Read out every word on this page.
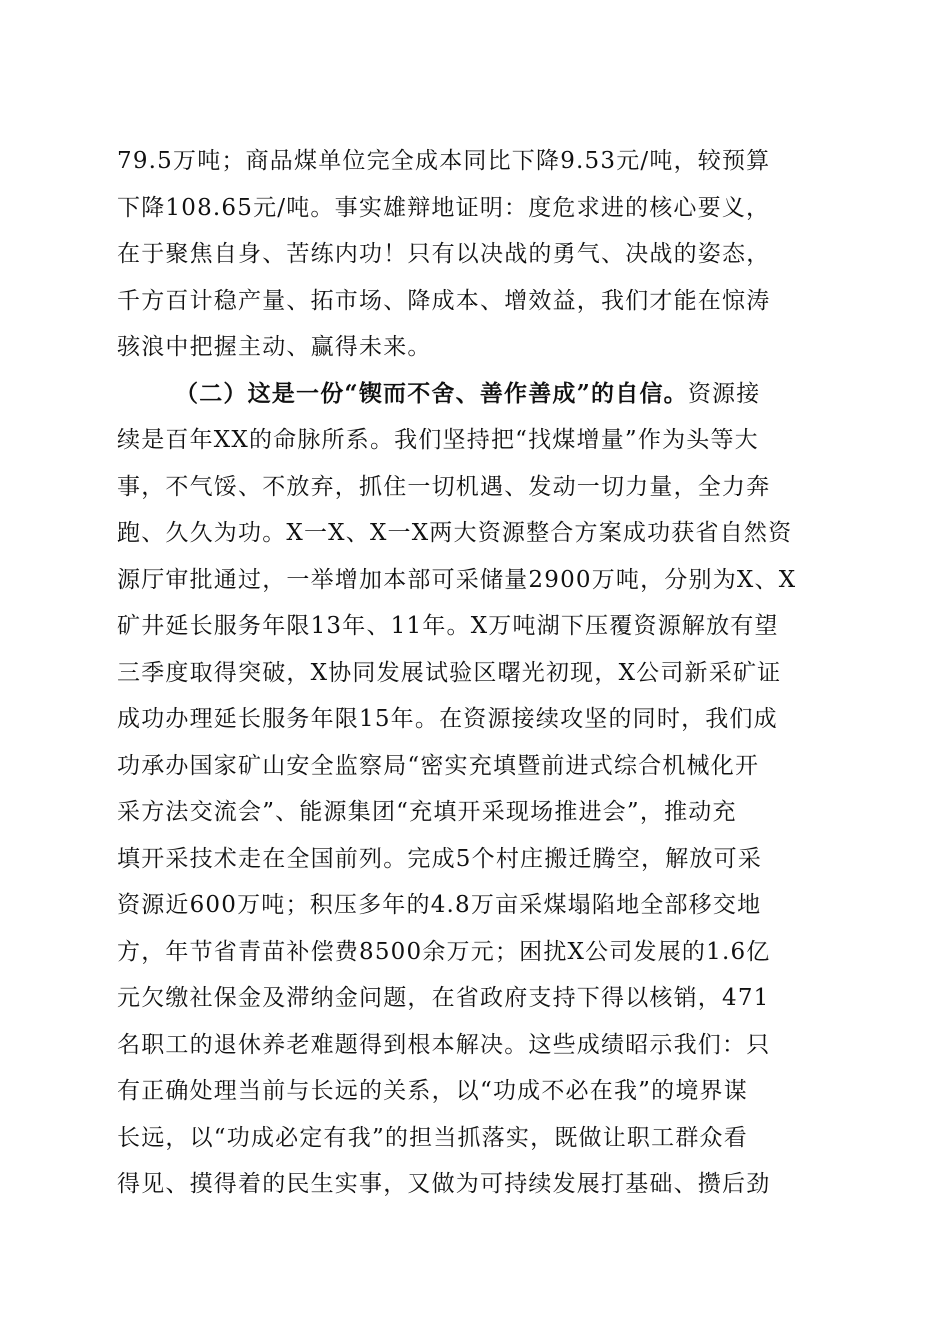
79.5万吨；商品煤单位完全成本同比下降9.53元/吨，较预算
下降108.65元/吨。事实雄辩地证明：度危求进的核心要义，
在于聚焦自身、苦练内功！只有以决战的勇气、决战的姿态，
千方百计稳产量、拓市场、降成本、增效益，我们才能在惊涛
骇浪中把握主动、赢得未来。
（二）这是一份“锲而不舍、善作善成”的自信。资源接
续是百年XX的命脉所系。我们坚持把“找煤增量”作为头等大
事，不气馁、不放弃，抓住一切机遇、发动一切力量，全力奔
跑、久久为功。X一X、X一X两大资源整合方案成功获省自然资
源厅审批通过，一举增加本部可采储量2900万吨，分别为X、X
矿井延长服务年限13年、11年。X万吨湖下压覆资源解放有望
三季度取得突破，X协同发展试验区曙光初现，X公司新采矿证
成功办理延长服务年限15年。在资源接续攻坚的同时，我们成
功承办国家矿山安全监察局“密实充填暨前进式综合机械化开
采方法交流会”、能源集团“充填开采现场推进会”，推动充
填开采技术走在全国前列。完成5个村庄搬迁腾空，解放可采
资源近600万吨；积压多年的4.8万亩采煤塌陷地全部移交地
方，年节省青苗补偿费8500余万元；困扰X公司发展的1.6亿
元欠缴社保金及滞纳金问题，在省政府支持下得以核销，471
名职工的退休养老难题得到根本解决。这些成绩昭示我们：只
有正确处理当前与长远的关系，以“功成不必在我”的境界谋
长远，以“功成必定有我”的担当抓落实，既做让职工群众看
得见、摸得着的民生实事，又做为可持续发展打基础、攒后劲
